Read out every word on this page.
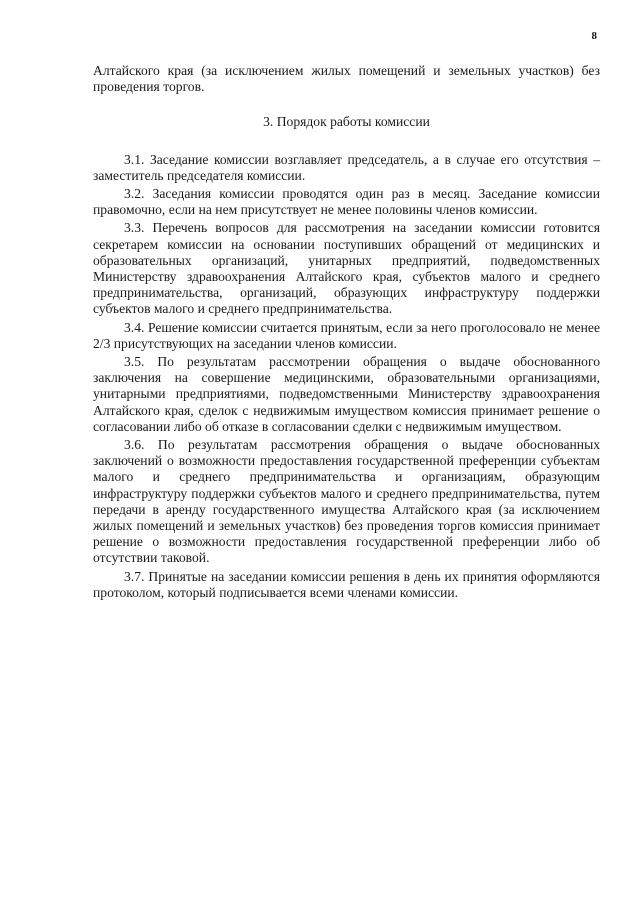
8

Алтайского края (за исключением жилых помещений и земельных участков) без проведения торгов.

3. Порядок работы комиссии

3.1. Заседание комиссии возглавляет председатель, а в случае его отсутствия – заместитель председателя комиссии.

3.2. Заседания комиссии проводятся один раз в месяц. Заседание комиссии правомочно, если на нем присутствует не менее половины членов комиссии.

3.3. Перечень вопросов для рассмотрения на заседании комиссии готовится секретарем комиссии на основании поступивших обращений от медицинских и образовательных организаций, унитарных предприятий, подведомственных Министерству здравоохранения Алтайского края, субъектов малого и среднего предпринимательства, организаций, образующих инфраструктуру поддержки субъектов малого и среднего предпринимательства.

3.4. Решение комиссии считается принятым, если за него проголосовало не менее 2/3 присутствующих на заседании членов комиссии.

3.5. По результатам рассмотрении обращения о выдаче обоснованного заключения на совершение медицинскими, образовательными организациями, унитарными предприятиями, подведомственными Министерству здравоохранения Алтайского края, сделок с недвижимым имуществом комиссия принимает решение о согласовании либо об отказе в согласовании сделки с недвижимым имуществом.

3.6. По результатам рассмотрения обращения о выдаче обоснованных заключений о возможности предоставления государственной преференции субъектам малого и среднего предпринимательства и организациям, образующим инфраструктуру поддержки субъектов малого и среднего предпринимательства, путем передачи в аренду государственного имущества Алтайского края (за исключением жилых помещений и земельных участков) без проведения торгов комиссия принимает решение о возможности предоставления государственной преференции либо об отсутствии таковой.

3.7. Принятые на заседании комиссии решения в день их принятия оформляются протоколом, который подписывается всеми членами комиссии.
